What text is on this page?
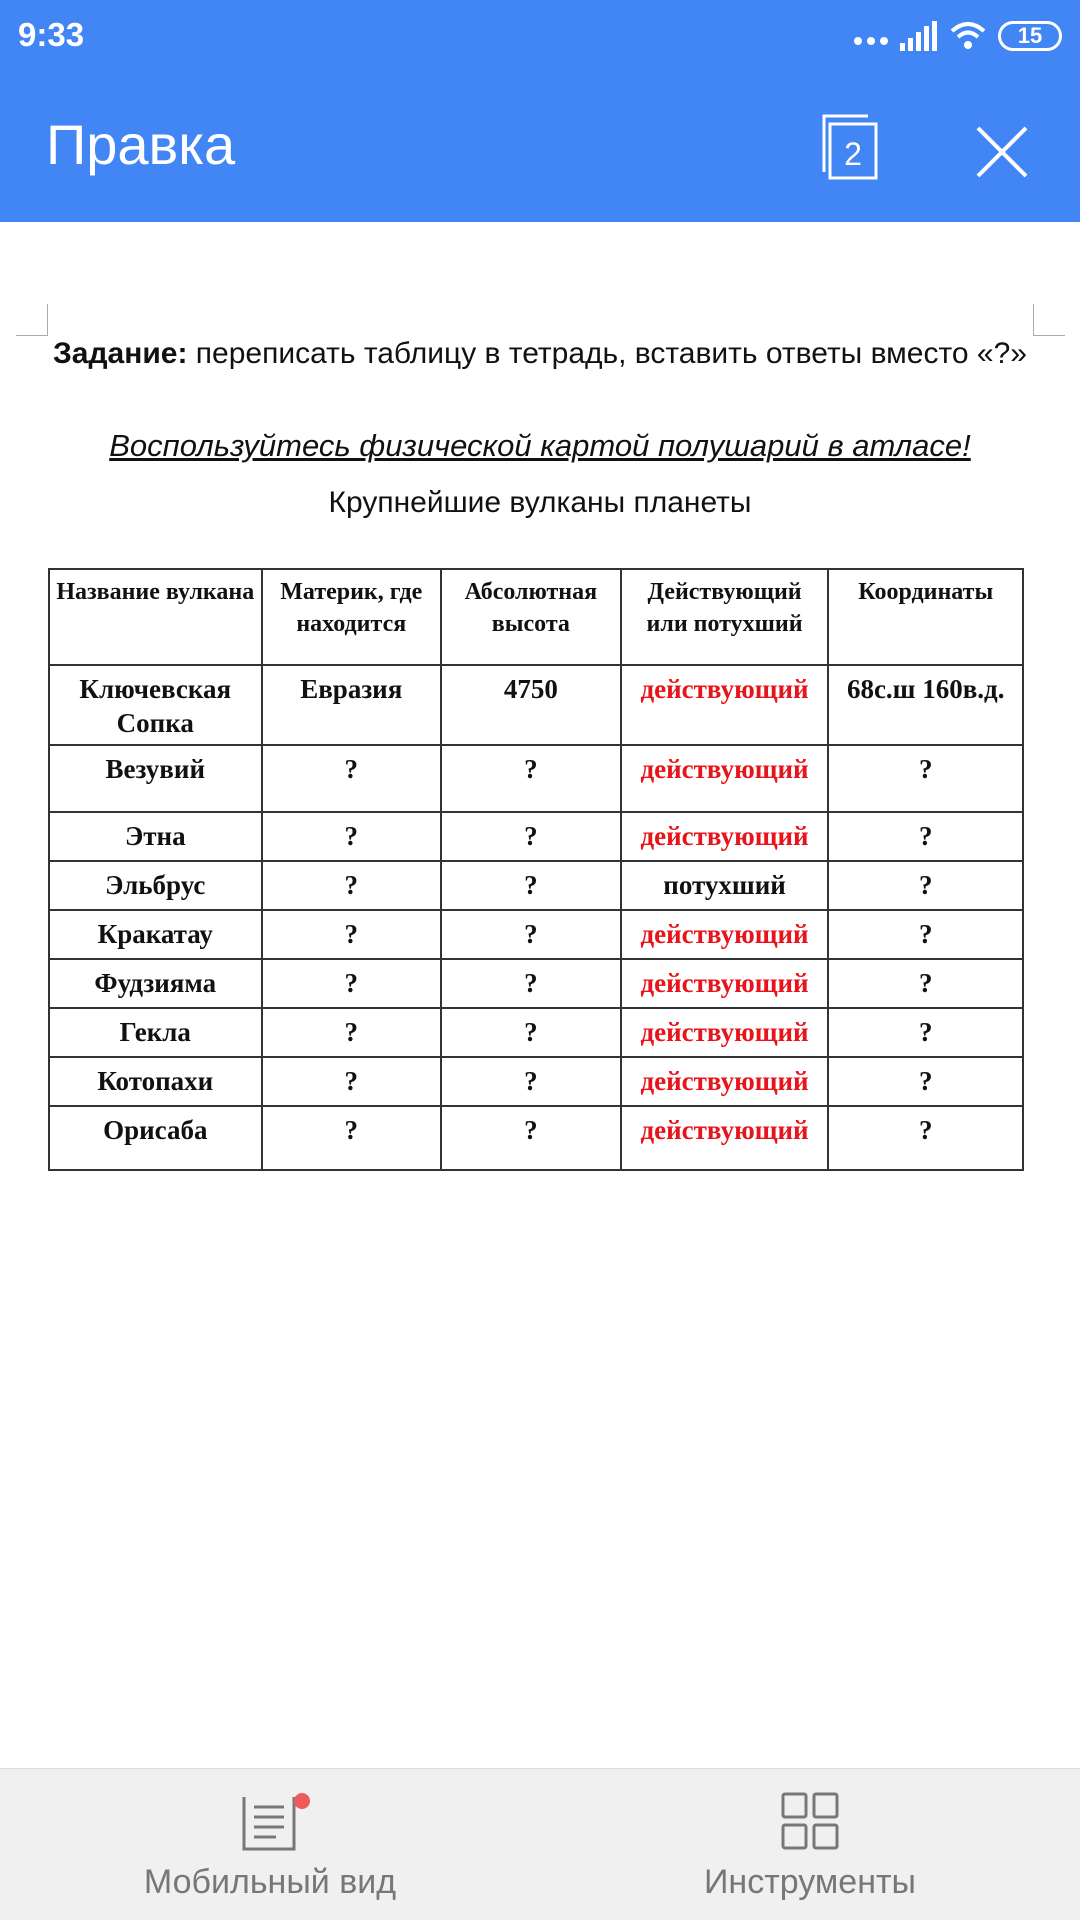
9:33	15
Правка	2
Задание: переписать таблицу в тетрадь, вставить ответы вместо «?»
Воспользуйтесь физической картой полушарий в атласе!
Крупнейшие вулканы планеты
Название вулкана	Материк, где находится	Абсолютная высота	Действующий или потухший	Координаты
Ключевская Сопка	Евразия	4750	действующий	68с.ш 160в.д.
Везувий	?	?	действующий	?
Этна	?	?	действующий	?
Эльбрус	?	?	потухший	?
Кракатау	?	?	действующий	?
Фудзияма	?	?	действующий	?
Гекла	?	?	действующий	?
Котопахи	?	?	действующий	?
Орисаба	?	?	действующий	?
Мобильный вид	Инструменты
